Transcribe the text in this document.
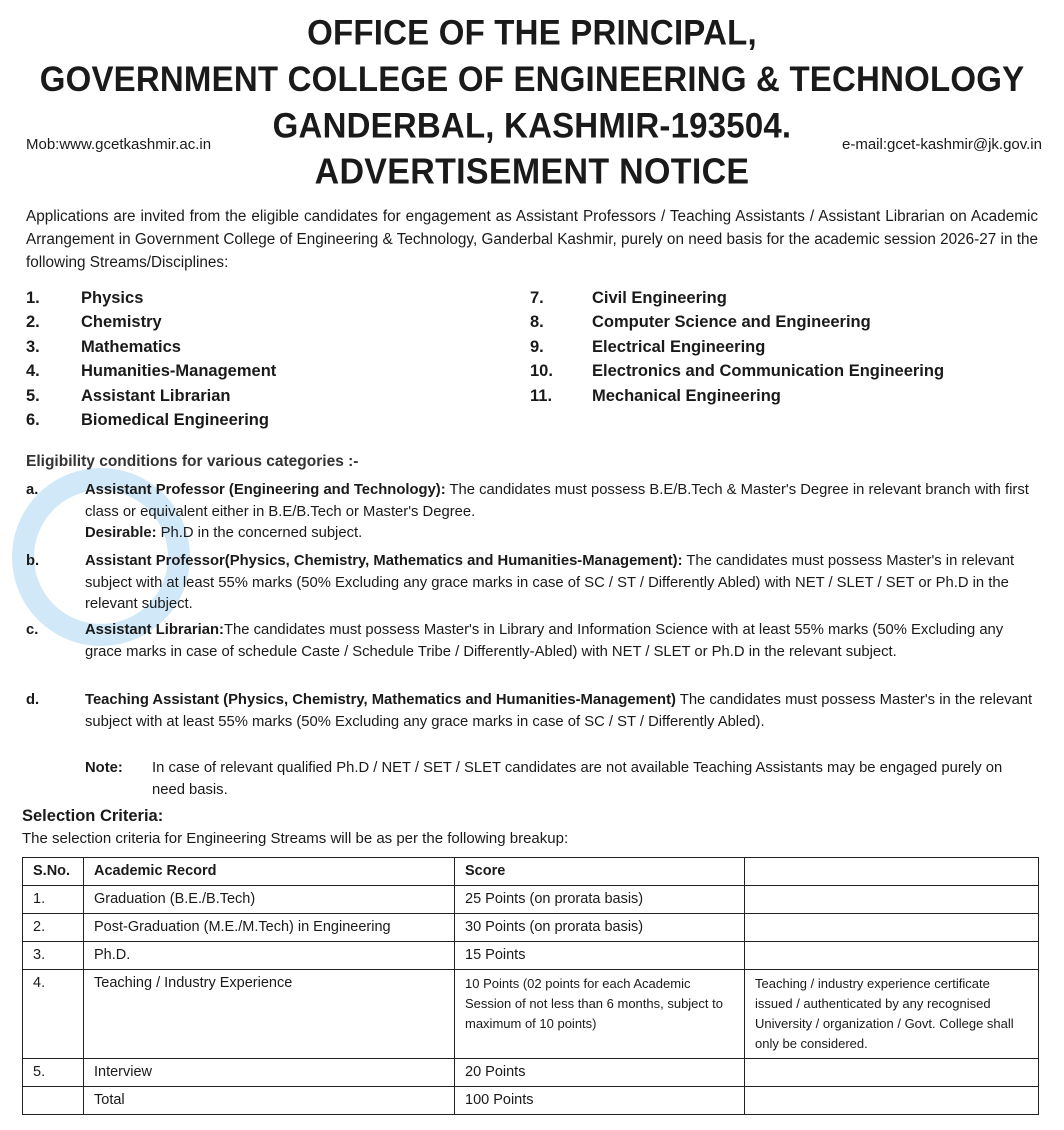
OFFICE OF THE PRINCIPAL,
GOVERNMENT COLLEGE OF ENGINEERING & TECHNOLOGY
GANDERBAL, KASHMIR-193504.
Mob:www.gcetkashmir.ac.in	e-mail:gcet-kashmir@jk.gov.in
ADVERTISEMENT NOTICE
Applications are invited from the eligible candidates for engagement as Assistant Professors / Teaching Assistants / Assistant Librarian on Academic Arrangement in Government College of Engineering & Technology, Ganderbal Kashmir, purely on need basis for the academic session 2026-27 in the following Streams/Disciplines:
1.	Physics
2.	Chemistry
3.	Mathematics
4.	Humanities-Management
5.	Assistant Librarian
6.	Biomedical Engineering
7.	Civil Engineering
8.	Computer Science and Engineering
9.	Electrical Engineering
10.	Electronics and Communication Engineering
11.	Mechanical Engineering
Eligibility conditions for various categories :-
a.	Assistant Professor (Engineering and Technology): The candidates must possess B.E/B.Tech & Master's Degree in relevant branch with first class or equivalent either in B.E/B.Tech or Master's Degree.
Desirable: Ph.D in the concerned subject.
b.	Assistant Professor(Physics, Chemistry, Mathematics and Humanities-Management): The candidates must possess Master's in relevant subject with at least 55% marks (50% Excluding any grace marks in case of SC / ST / Differently Abled) with NET / SLET / SET or Ph.D in the relevant subject.
c.	Assistant Librarian:The candidates must possess Master's in Library and Information Science with at least 55% marks (50% Excluding any grace marks in case of schedule Caste / Schedule Tribe / Differently-Abled) with NET / SLET or Ph.D in the relevant subject.
d.	Teaching Assistant (Physics, Chemistry, Mathematics and Humanities-Management) The candidates must possess Master's in the relevant subject with at least 55% marks (50% Excluding any grace marks in case of SC / ST / Differently Abled).
Note: In case of relevant qualified Ph.D / NET / SET / SLET candidates are not available Teaching Assistants may be engaged purely on need basis.
Selection Criteria:
The selection criteria for Engineering Streams will be as per the following breakup:
S.No.	Academic Record	Score	
1.	Graduation (B.E./B.Tech)	25 Points (on prorata basis)	
2.	Post-Graduation (M.E./M.Tech) in Engineering	30 Points (on prorata basis)	
3.	Ph.D.	15 Points	
4.	Teaching / Industry Experience	10 Points (02 points for each Academic Session of not less than 6 months, subject to maximum of 10 points)	Teaching / industry experience certificate issued / authenticated by any recognised University / organization / Govt. College shall only be considered.
5.	Interview	20 Points	
	Total	100 Points	
